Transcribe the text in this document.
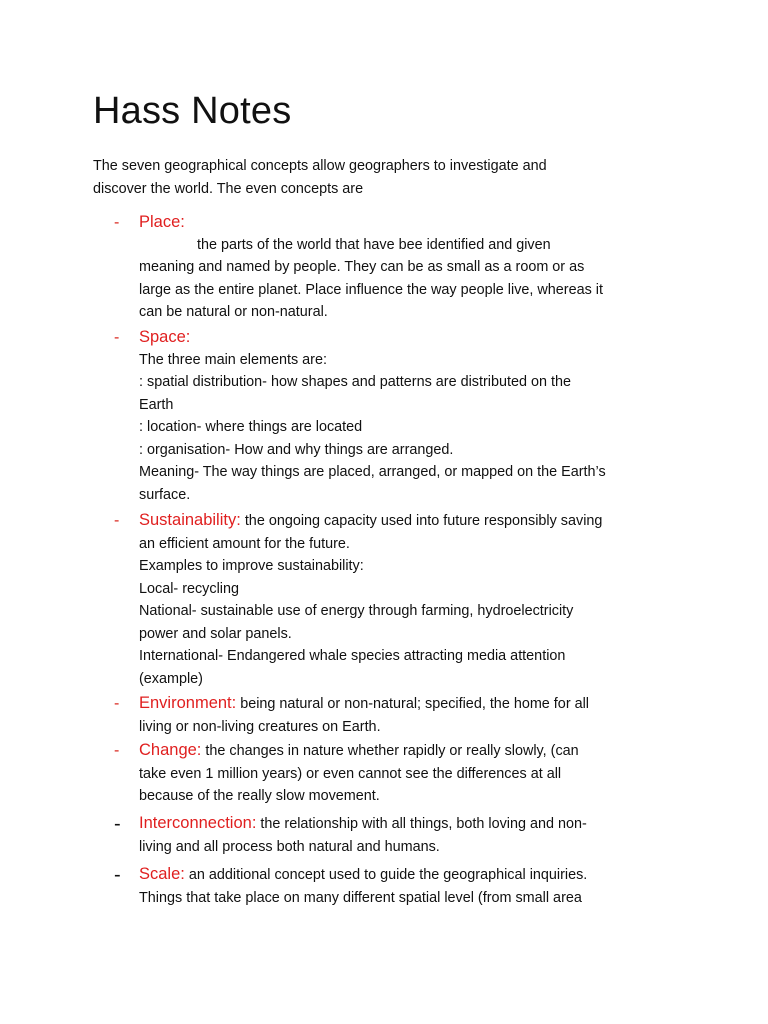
Hass Notes

The seven geographical concepts allow geographers to investigate and
discover the world. The even concepts are

- Place:
the parts of the world that have bee identified and given
meaning and named by people. They can be as small as a room or as
large as the entire planet. Place influence the way people live, whereas it
can be natural or non-natural.
- Space:
The three main elements are:
: spatial distribution- how shapes and patterns are distributed on the
Earth
: location- where things are located
: organisation- How and why things are arranged.
Meaning- The way things are placed, arranged, or mapped on the Earth’s
surface.
- Sustainability: the ongoing capacity used into future responsibly saving
an efficient amount for the future.
Examples to improve sustainability:
Local- recycling
National- sustainable use of energy through farming, hydroelectricity
power and solar panels.
International- Endangered whale species attracting media attention
(example)
- Environment: being natural or non-natural; specified, the home for all
living or non-living creatures on Earth.
- Change: the changes in nature whether rapidly or really slowly, (can
take even 1 million years) or even cannot see the differences at all
because of the really slow movement.
- Interconnection: the relationship with all things, both loving and non-
living and all process both natural and humans.
- Scale: an additional concept used to guide the geographical inquiries.
Things that take place on many different spatial level (from small area
